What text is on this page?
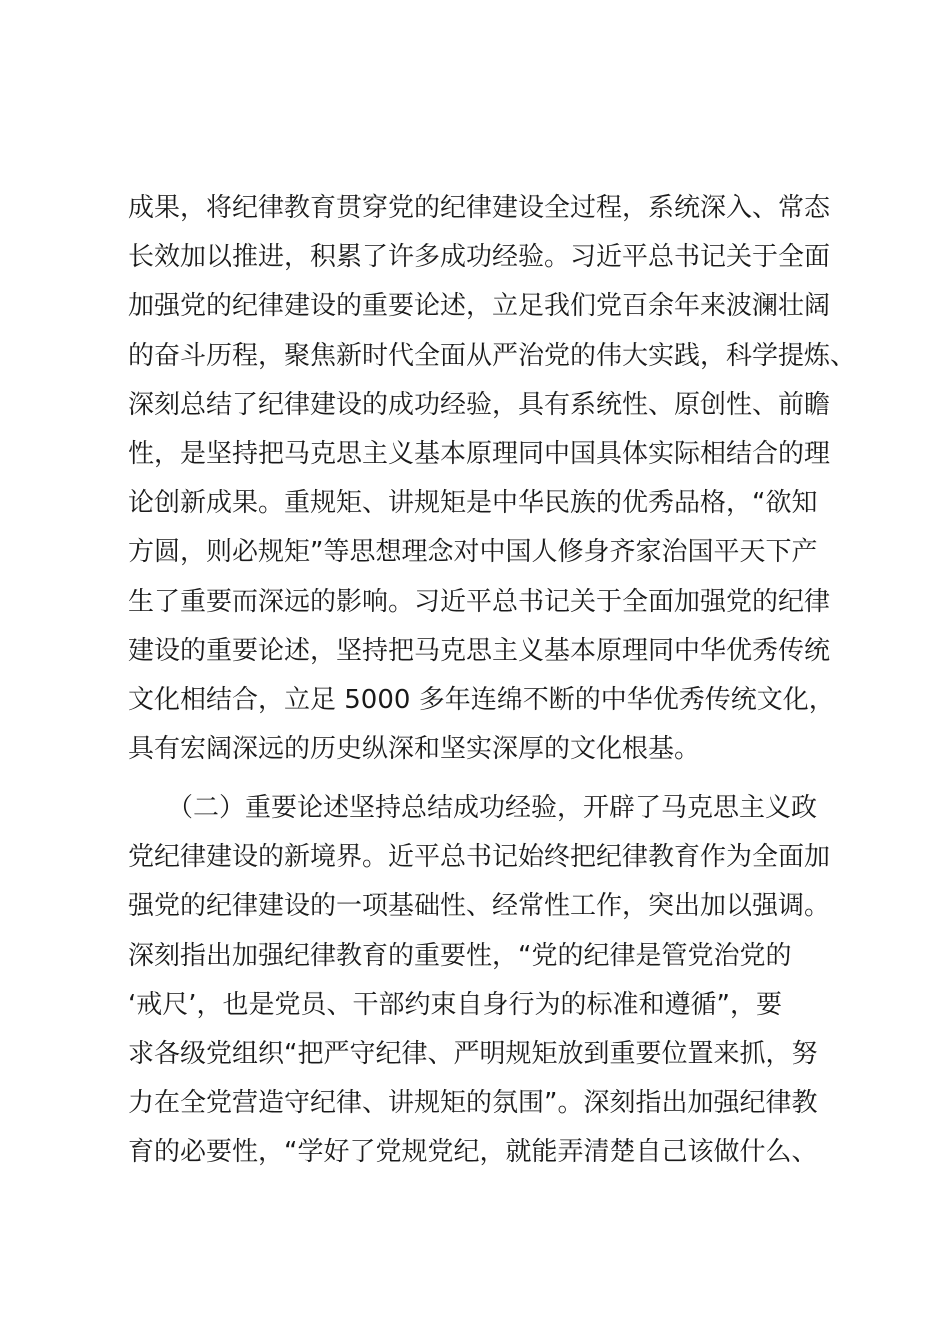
成果，将纪律教育贯穿党的纪律建设全过程，系统深入、常态
长效加以推进，积累了许多成功经验。习近平总书记关于全面
加强党的纪律建设的重要论述，立足我们党百余年来波澜壮阔
的奋斗历程，聚焦新时代全面从严治党的伟大实践，科学提炼、
深刻总结了纪律建设的成功经验，具有系统性、原创性、前瞻
性，是坚持把马克思主义基本原理同中国具体实际相结合的理
论创新成果。重规矩、讲规矩是中华民族的优秀品格，“欲知
方圆，则必规矩”等思想理念对中国人修身齐家治国平天下产
生了重要而深远的影响。习近平总书记关于全面加强党的纪律
建设的重要论述，坚持把马克思主义基本原理同中华优秀传统
文化相结合，立足 5000 多年连绵不断的中华优秀传统文化，
具有宏阔深远的历史纵深和坚实深厚的文化根基。
　　（二）重要论述坚持总结成功经验，开辟了马克思主义政
党纪律建设的新境界。近平总书记始终把纪律教育作为全面加
强党的纪律建设的一项基础性、经常性工作，突出加以强调。
深刻指出加强纪律教育的重要性，“党的纪律是管党治党的
‘戒尺’，也是党员、干部约束自身行为的标准和遵循”，要
求各级党组织“把严守纪律、严明规矩放到重要位置来抓，努
力在全党营造守纪律、讲规矩的氛围”。深刻指出加强纪律教
育的必要性，“学好了党规党纪，就能弄清楚自己该做什么、
